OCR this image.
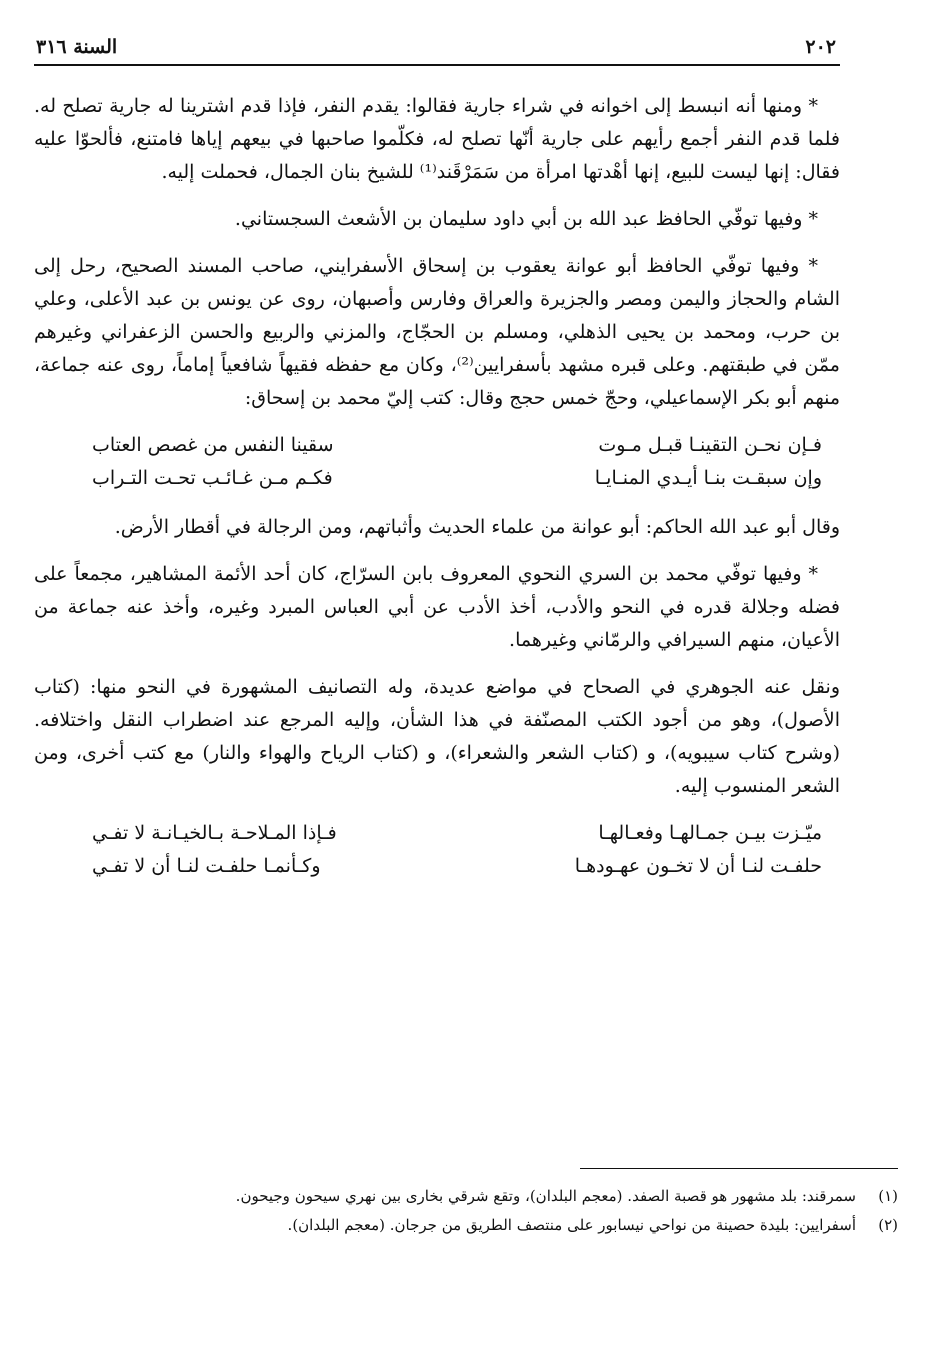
٢٠٢
السنة ٣١٦

* ومنها أنه انبسط إلى اخوانه في شراء جارية فقالوا: يقدم النفر، فإذا قدم اشترينا له جارية تصلح له. فلما قدم النفر أجمع رأيهم على جارية أنّها تصلح له، فكلّموا صاحبها في بيعهم إياها فامتنع، فألحوّا عليه فقال: إنها ليست للبيع، إنها أهْدتها امرأة من سَمَرْقَند⁽¹⁾ للشيخ بنان الجمال، فحملت إليه.

* وفيها توفّي الحافظ عبد الله بن أبي داود سليمان بن الأشعث السجستاني.

* وفيها توفّي الحافظ أبو عوانة يعقوب بن إسحاق الأسفرايني، صاحب المسند الصحيح، رحل إلى الشام والحجاز واليمن ومصر والجزيرة والعراق وفارس وأصبهان، روى عن يونس بن عبد الأعلى، وعلي بن حرب، ومحمد بن يحيى الذهلي، ومسلم بن الحجّاج، والمزني والربيع والحسن الزعفراني وغيرهم ممّن في طبقتهم. وعلى قبره مشهد بأسفرايين⁽²⁾، وكان مع حفظه فقيهاً شافعياً إماماً، روى عنه جماعة، منهم أبو بكر الإسماعيلي، وحجّ خمس حجج وقال: كتب إليّ محمد بن إسحاق:

فـإن نحـن التقينـا قبـل مـوت
سقينا النفس من غصص العتاب
وإن سبقـت بنـا أيـدي المنـايـا
فكـم مـن غـائـب تحـت التـراب

وقال أبو عبد الله الحاكم: أبو عوانة من علماء الحديث وأثباتهم، ومن الرجالة في أقطار الأرض.

* وفيها توفّي محمد بن السري النحوي المعروف بابن السرّاج، كان أحد الأئمة المشاهير، مجمعاً على فضله وجلالة قدره في النحو والأدب، أخذ الأدب عن أبي العباس المبرد وغيره، وأخذ عنه جماعة من الأعيان، منهم السيرافي والرمّاني وغيرهما.

ونقل عنه الجوهري في الصحاح في مواضع عديدة، وله التصانيف المشهورة في النحو منها: (كتاب الأصول)، وهو من أجود الكتب المصنّفة في هذا الشأن، وإليه المرجع عند اضطراب النقل واختلافه. (وشرح كتاب سيبويه)، و (كتاب الشعر والشعراء)، و (كتاب الرياح والهواء والنار) مع كتب أخرى، ومن الشعر المنسوب إليه.

ميّـزت بيـن جمـالهـا وفعـالهـا
فـإذا المـلاحـة بـالخيـانـة لا تفـي
حلفـت لنـا أن لا تخـون عهـودهـا
وكـأنمـا حلفـت لنـا أن لا تفـي
(١)
سمرقند: بلد مشهور هو قصبة الصفد. (معجم البلدان)، وتقع شرقي بخارى بين نهري سيحون وجيحون.
(٢)
أسفرايين: بليدة حصينة من نواحي نيسابور على منتصف الطريق من جرجان. (معجم البلدان).
